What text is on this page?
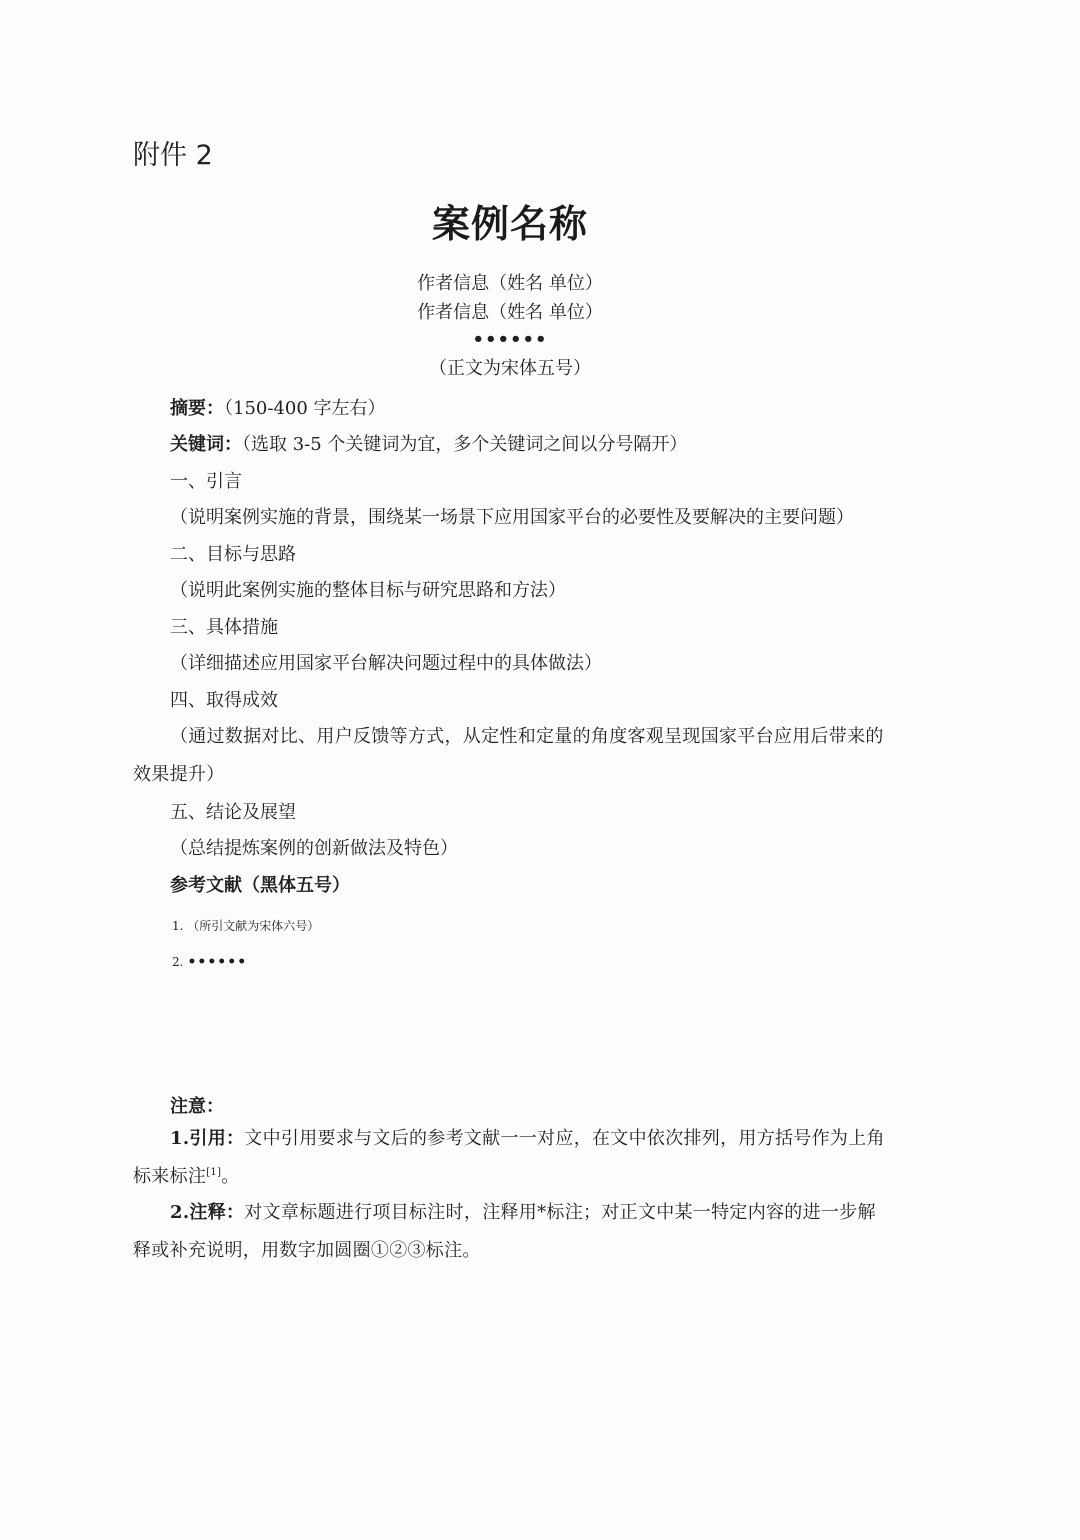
附件 2
案例名称
作者信息（姓名 单位）
作者信息（姓名 单位）
••••••
（正文为宋体五号）
摘要：（150-400 字左右）
关键词：（选取 3-5 个关键词为宜，多个关键词之间以分号隔开）
一、引言
（说明案例实施的背景，围绕某一场景下应用国家平台的必要性及要解决的主要问题）
二、目标与思路
（说明此案例实施的整体目标与研究思路和方法）
三、具体措施
（详细描述应用国家平台解决问题过程中的具体做法）
四、取得成效
（通过数据对比、用户反馈等方式，从定性和定量的角度客观呈现国家平台应用后带来的效果提升）
五、结论及展望
（总结提炼案例的创新做法及特色）
参考文献（黑体五号）
1. （所引文献为宋体六号）
2. ••••••
注意：
1.引用：文中引用要求与文后的参考文献一一对应，在文中依次排列，用方括号作为上角标来标注[1]。
2.注释：对文章标题进行项目标注时，注释用*标注；对正文中某一特定内容的进一步解释或补充说明，用数字加圆圈①②③标注。
